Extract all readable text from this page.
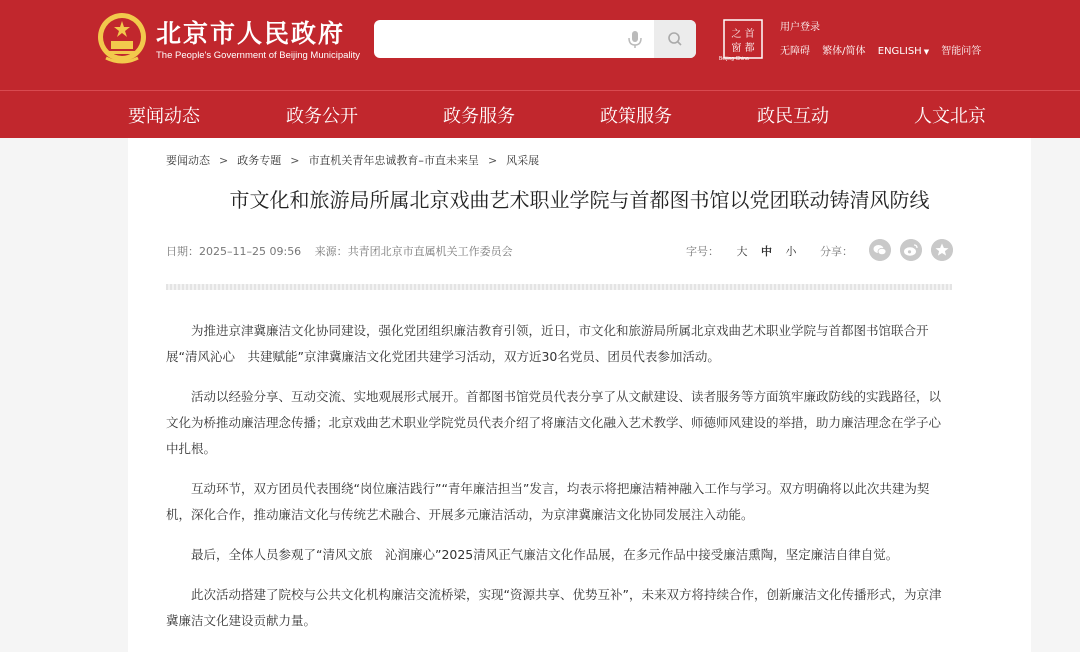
北京市人民政府
The People's Government of Beijing Municipality
之 首
窗 都
Beijing·China
用户登录
无障碍 繁体/简体 ENGLISH ▼ 智能问答
要闻动态	政务公开	政务服务	政策服务	政民互动	人文北京
要闻动态 > 政务专题 > 市直机关青年忠诚教育–市直未来呈 > 风采展
市文化和旅游局所属北京戏曲艺术职业学院与首都图书馆以党团联动铸清风防线
日期：2025–11–25 09:56 来源：共青团北京市直属机关工作委员会	字号： 大 中 小 分享：

为推进京津冀廉洁文化协同建设，强化党团组织廉洁教育引领，近日，市文化和旅游局所属北京戏曲艺术职业学院与首都图书馆联合开展“清风沁心　共建赋能”京津冀廉洁文化党团共建学习活动，双方近30名党员、团员代表参加活动。

活动以经验分享、互动交流、实地观展形式展开。首都图书馆党员代表分享了从文献建设、读者服务等方面筑牢廉政防线的实践路径，以文化为桥推动廉洁理念传播；北京戏曲艺术职业学院党员代表介绍了将廉洁文化融入艺术教学、师德师风建设的举措，助力廉洁理念在学子心中扎根。

互动环节，双方团员代表围绕“岗位廉洁践行”“青年廉洁担当”发言，均表示将把廉洁精神融入工作与学习。双方明确将以此次共建为契机，深化合作，推动廉洁文化与传统艺术融合、开展多元廉洁活动，为京津冀廉洁文化协同发展注入动能。

最后，全体人员参观了“清风文旅　沁润廉心”2025清风正气廉洁文化作品展，在多元作品中接受廉洁熏陶，坚定廉洁自律自觉。

此次活动搭建了院校与公共文化机构廉洁交流桥梁，实现“资源共享、优势互补”，未来双方将持续合作，创新廉洁文化传播形式，为京津冀廉洁文化建设贡献力量。
